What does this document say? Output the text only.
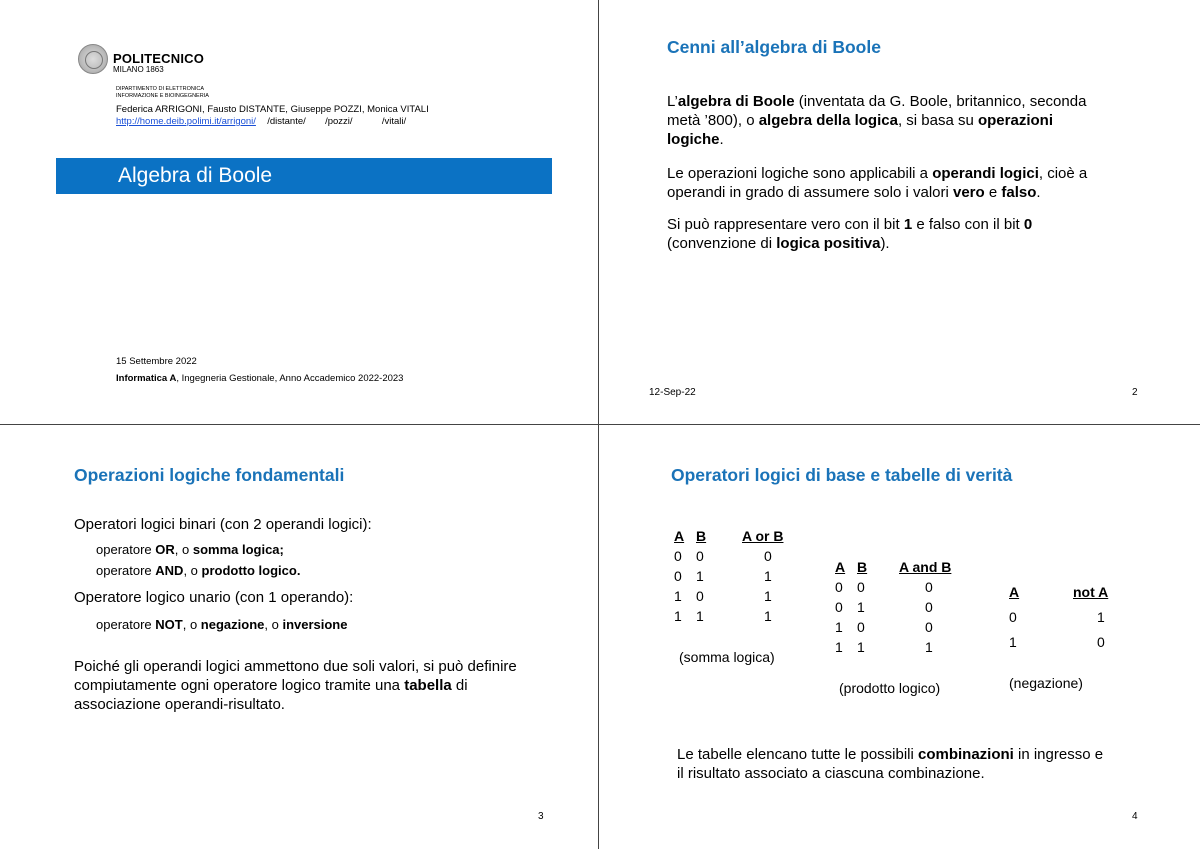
POLITECNICO
MILANO 1863
DIPARTIMENTO DI ELETTRONICA
INFORMAZIONE E BIOINGEGNERIA
Federica ARRIGONI, Fausto DISTANTE, Giuseppe POZZI, Monica VITALI
http://home.deib.polimi.it/arrigoni/ /distante/ /pozzi/	/vitali/
Algebra di Boole
15 Settembre 2022
Informatica A, Ingegneria Gestionale, Anno Accademico 2022-2023
Cenni all’algebra di Boole
L’algebra di Boole (inventata da G. Boole, britannico, seconda metà ’800), o algebra della logica, si basa su operazioni logiche.
Le operazioni logiche sono applicabili a operandi logici, cioè a operandi in grado di assumere solo i valori vero e falso.
Si può rappresentare vero con il bit 1 e falso con il bit 0 (convenzione di logica positiva).
12-Sep-22	2
Operazioni logiche fondamentali
Operatori logici binari (con 2 operandi logici):
operatore OR, o somma logica;
operatore AND, o prodotto logico.
Operatore logico unario (con 1 operando):
operatore NOT, o negazione, o inversione
Poiché gli operandi logici ammettono due soli valori, si può definire compiutamente ogni operatore logico tramite una tabella di associazione operandi-risultato.
3
Operatori logici di base e tabelle di verità
A	B	A or B
0	0	0
0	1	1
1	0	1
1	1	1
(somma logica)
A	B	A and B
0	0	0
0	1	0
1	0	0
1	1	1
(prodotto logico)
A	not A
0	1
1	0
(negazione)
Le tabelle elencano tutte le possibili combinazioni in ingresso e il risultato associato a ciascuna combinazione.
4
